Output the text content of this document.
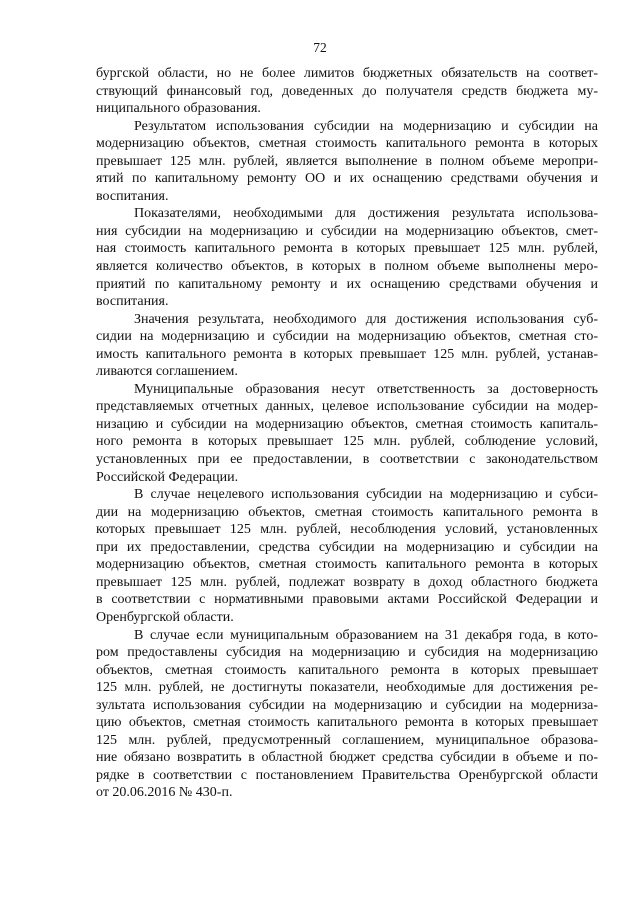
72
бургской области, но не более лимитов бюджетных обязательств на соответ-
ствующий финансовый год, доведенных до получателя средств бюджета му-
ниципального образования.
Результатом использования субсидии на модернизацию и субсидии на
модернизацию объектов, сметная стоимость капитального ремонта в которых
превышает 125 млн. рублей, является выполнение в полном объеме меропри-
ятий по капитальному ремонту ОО и их оснащению средствами обучения и
воспитания.
Показателями, необходимыми для достижения результата использова-
ния субсидии на модернизацию и субсидии на модернизацию объектов, смет-
ная стоимость капитального ремонта в которых превышает 125 млн. рублей,
является количество объектов, в которых в полном объеме выполнены меро-
приятий по капитальному ремонту и их оснащению средствами обучения и
воспитания.
Значения результата, необходимого для достижения использования суб-
сидии на модернизацию и субсидии на модернизацию объектов, сметная сто-
имость капитального ремонта в которых превышает 125 млн. рублей, устанав-
ливаются соглашением.
Муниципальные образования несут ответственность за достоверность
представляемых отчетных данных, целевое использование субсидии на модер-
низацию и субсидии на модернизацию объектов, сметная стоимость капиталь-
ного ремонта в которых превышает 125 млн. рублей, соблюдение условий,
установленных при ее предоставлении, в соответствии с законодательством
Российской Федерации.
В случае нецелевого использования субсидии на модернизацию и субси-
дии на модернизацию объектов, сметная стоимость капитального ремонта в
которых превышает 125 млн. рублей, несоблюдения условий, установленных
при их предоставлении, средства субсидии на модернизацию и субсидии на
модернизацию объектов, сметная стоимость капитального ремонта в которых
превышает 125 млн. рублей, подлежат возврату в доход областного бюджета
в соответствии с нормативными правовыми актами Российской Федерации и
Оренбургской области.
В случае если муниципальным образованием на 31 декабря года, в кото-
ром предоставлены субсидия на модернизацию и субсидия на модернизацию
объектов, сметная стоимость капитального ремонта в которых превышает
125 млн. рублей, не достигнуты показатели, необходимые для достижения ре-
зультата использования субсидии на модернизацию и субсидии на модерниза-
цию объектов, сметная стоимость капитального ремонта в которых превышает
125 млн. рублей, предусмотренный соглашением, муниципальное образова-
ние обязано возвратить в областной бюджет средства субсидии в объеме и по-
рядке в соответствии с постановлением Правительства Оренбургской области
от 20.06.2016 № 430-п.
